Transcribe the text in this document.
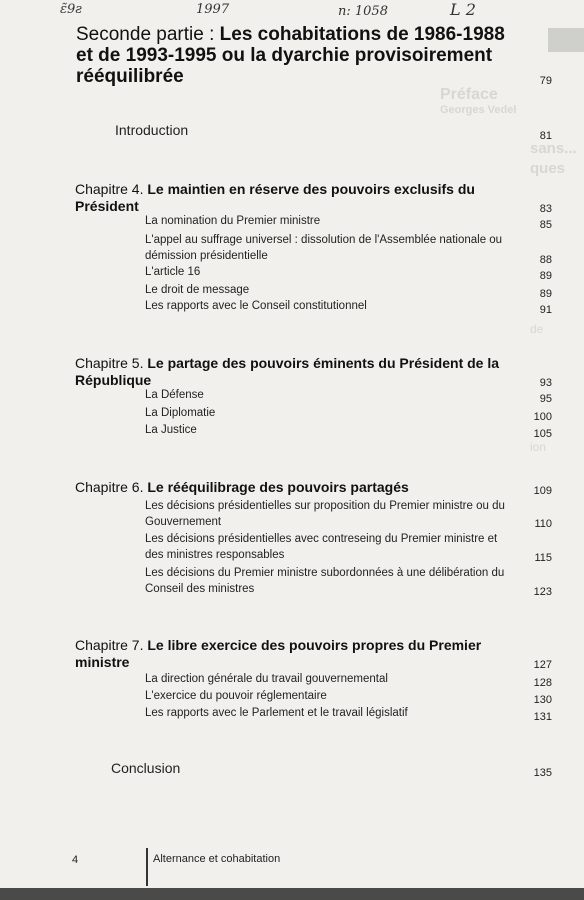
Préface
Georges Vedel
sans...
ques
de
ion
ɛ̃9ƨ	1997	n: 1058	L 2
Seconde partie : Les cohabitations de 1986-1988 et de 1993-1995 ou la dyarchie provisoirement rééquilibrée	79
Introduction	81
Chapitre 4. Le maintien en réserve des pouvoirs exclusifs du Président	83
La nomination du Premier ministre	85
L'appel au suffrage universel : dissolution de l'Assemblée nationale ou démission présidentielle	88
L'article 16	89
Le droit de message	89
Les rapports avec le Conseil constitutionnel	91
Chapitre 5. Le partage des pouvoirs éminents du Président de la République	93
La Défense	95
La Diplomatie	100
La Justice	105
Chapitre 6. Le rééquilibrage des pouvoirs partagés	109
Les décisions présidentielles sur proposition du Premier ministre ou du Gouvernement	110
Les décisions présidentielles avec contreseing du Premier ministre et des ministres responsables	115
Les décisions du Premier ministre subordonnées à une délibération du Conseil des ministres	123
Chapitre 7. Le libre exercice des pouvoirs propres du Premier ministre	127
La direction générale du travail gouvernemental	128
L'exercice du pouvoir réglementaire	130
Les rapports avec le Parlement et le travail législatif	131
Conclusion	135
4	Alternance et cohabitation
